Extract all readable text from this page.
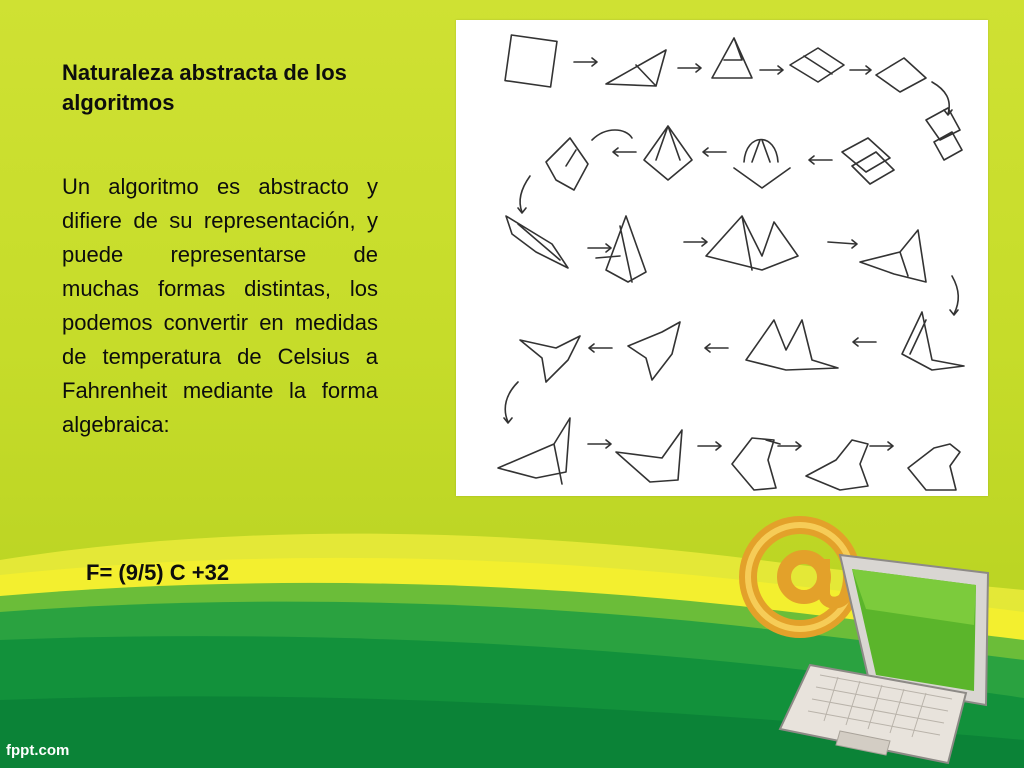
Naturaleza abstracta de los algoritmos
Un algoritmo es abstracto y difiere de su representación, y puede representarse de muchas formas distintas, los podemos convertir en medidas de temperatura de Celsius a Fahrenheit mediante la forma algebraica:
F= (9/5) C +32
fppt.com
